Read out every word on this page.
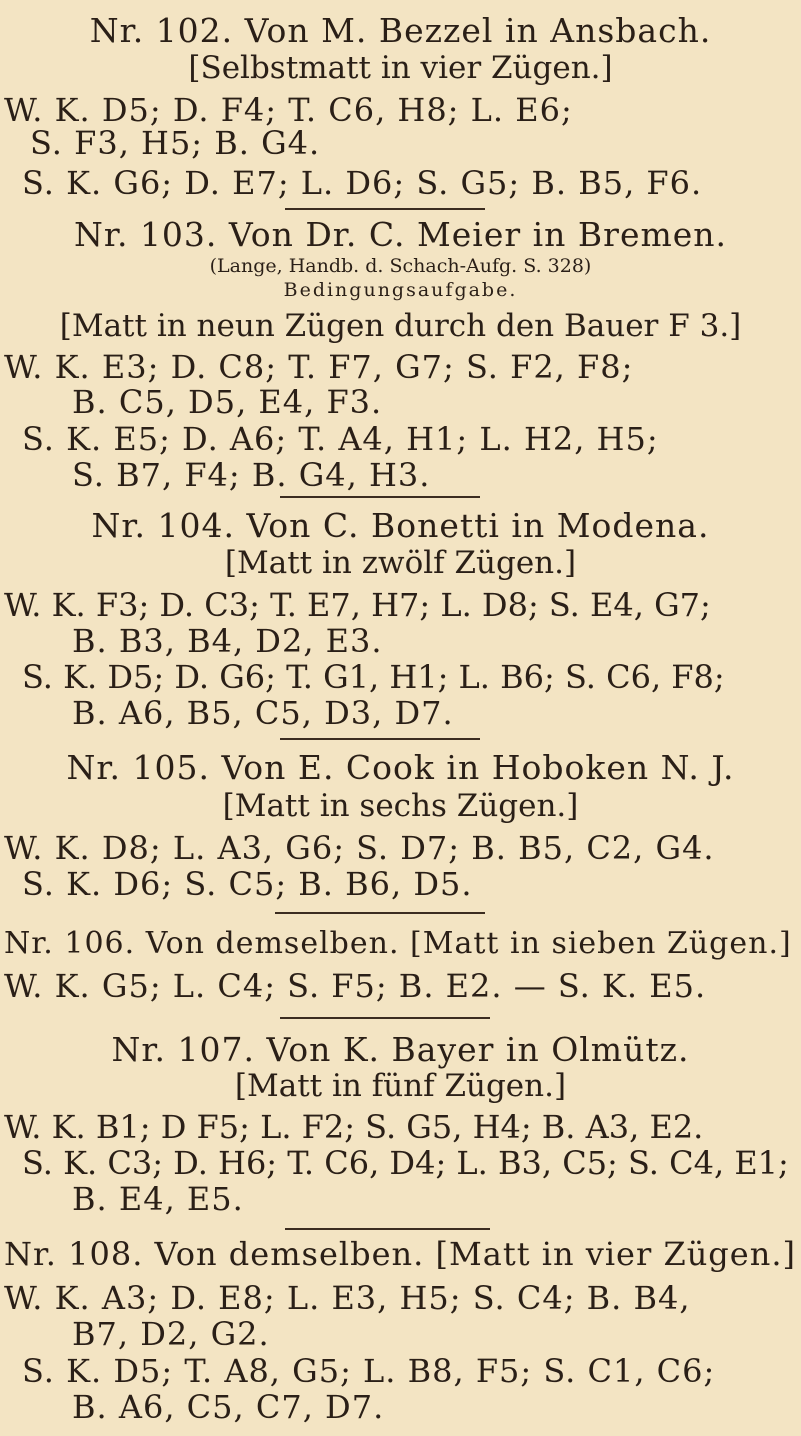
Nr. 102. Von M. Bezzel in Ansbach.
[Selbstmatt in vier Zügen.]
W. K. D5; D. F4; T. C6, H8; L. E6;
S. F3, H5; B. G4.
S. K. G6; D. E7; L. D6; S. G5; B. B5, F6.
Nr. 103. Von Dr. C. Meier in Bremen.
(Lange, Handb. d. Schach-Aufg. S. 328)
Bedingungsaufgabe.
[Matt in neun Zügen durch den Bauer F 3.]
W. K. E3; D. C8; T. F7, G7; S. F2, F8;
B. C5, D5, E4, F3.
S. K. E5; D. A6; T. A4, H1; L. H2, H5;
S. B7, F4; B. G4, H3.
Nr. 104. Von C. Bonetti in Modena.
[Matt in zwölf Zügen.]
W. K. F3; D. C3; T. E7, H7; L. D8; S. E4, G7;
B. B3, B4, D2, E3.
S. K. D5; D. G6; T. G1, H1; L. B6; S. C6, F8;
B. A6, B5, C5, D3, D7.
Nr. 105. Von E. Cook in Hoboken N. J.
[Matt in sechs Zügen.]
W. K. D8; L. A3, G6; S. D7; B. B5, C2, G4.
S. K. D6; S. C5; B. B6, D5.
Nr. 106. Von demselben. [Matt in sieben Zügen.]
W. K. G5; L. C4; S. F5; B. E2. — S. K. E5.
Nr. 107. Von K. Bayer in Olmütz.
[Matt in fünf Zügen.]
W. K. B1; D F5; L. F2; S. G5, H4; B. A3, E2.
S. K. C3; D. H6; T. C6, D4; L. B3, C5; S. C4, E1;
B. E4, E5.
Nr. 108. Von demselben. [Matt in vier Zügen.]
W. K. A3; D. E8; L. E3, H5; S. C4; B. B4,
B7, D2, G2.
S. K. D5; T. A8, G5; L. B8, F5; S. C1, C6;
B. A6, C5, C7, D7.
